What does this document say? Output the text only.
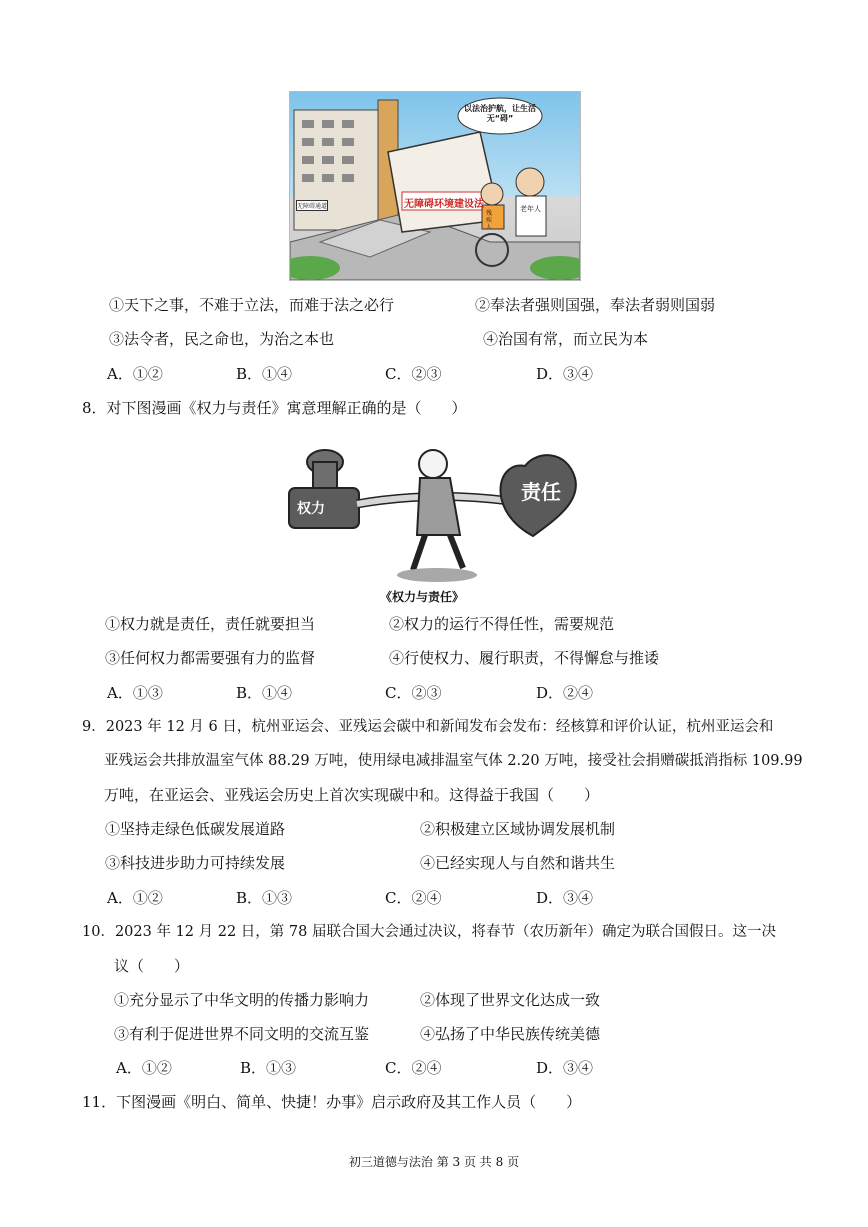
以法治护航，让生活无“碍”
无障碍环境建设法
无障碍通道
残疾人
老年人
①天下之事，不难于立法，而难于法之必行	②奉法者强则国强，奉法者弱则国弱
③法令者，民之命也，为治之本也	④治国有常，而立民为本
A．①②	B．①④	C．②③	D．③④
8．对下图漫画《权力与责任》寓意理解正确的是（　　）
权力
责任
《权力与责任》
①权力就是责任，责任就要担当	②权力的运行不得任性，需要规范
③任何权力都需要强有力的监督	④行使权力、履行职责，不得懈怠与推诿
A．①③	B．①④	C．②③	D．②④
9．2023 年 12 月 6 日，杭州亚运会、亚残运会碳中和新闻发布会发布：经核算和评价认证，杭州亚运会和
亚残运会共排放温室气体 88.29 万吨，使用绿电减排温室气体 2.20 万吨，接受社会捐赠碳抵消指标 109.99
万吨，在亚运会、亚残运会历史上首次实现碳中和。这得益于我国（　　）
①坚持走绿色低碳发展道路	②积极建立区域协调发展机制
③科技进步助力可持续发展	④已经实现人与自然和谐共生
A．①②	B．①③	C．②④	D．③④
10．2023 年 12 月 22 日，第 78 届联合国大会通过决议，将春节（农历新年）确定为联合国假日。这一决
议（　　）
①充分显示了中华文明的传播力影响力	②体现了世界文化达成一致
③有利于促进世界不同文明的交流互鉴	④弘扬了中华民族传统美德
A．①②	B．①③	C．②④	D．③④
11．下图漫画《明白、简单、快捷！办事》启示政府及其工作人员（　　）
初三道德与法治 第 3 页 共 8 页
